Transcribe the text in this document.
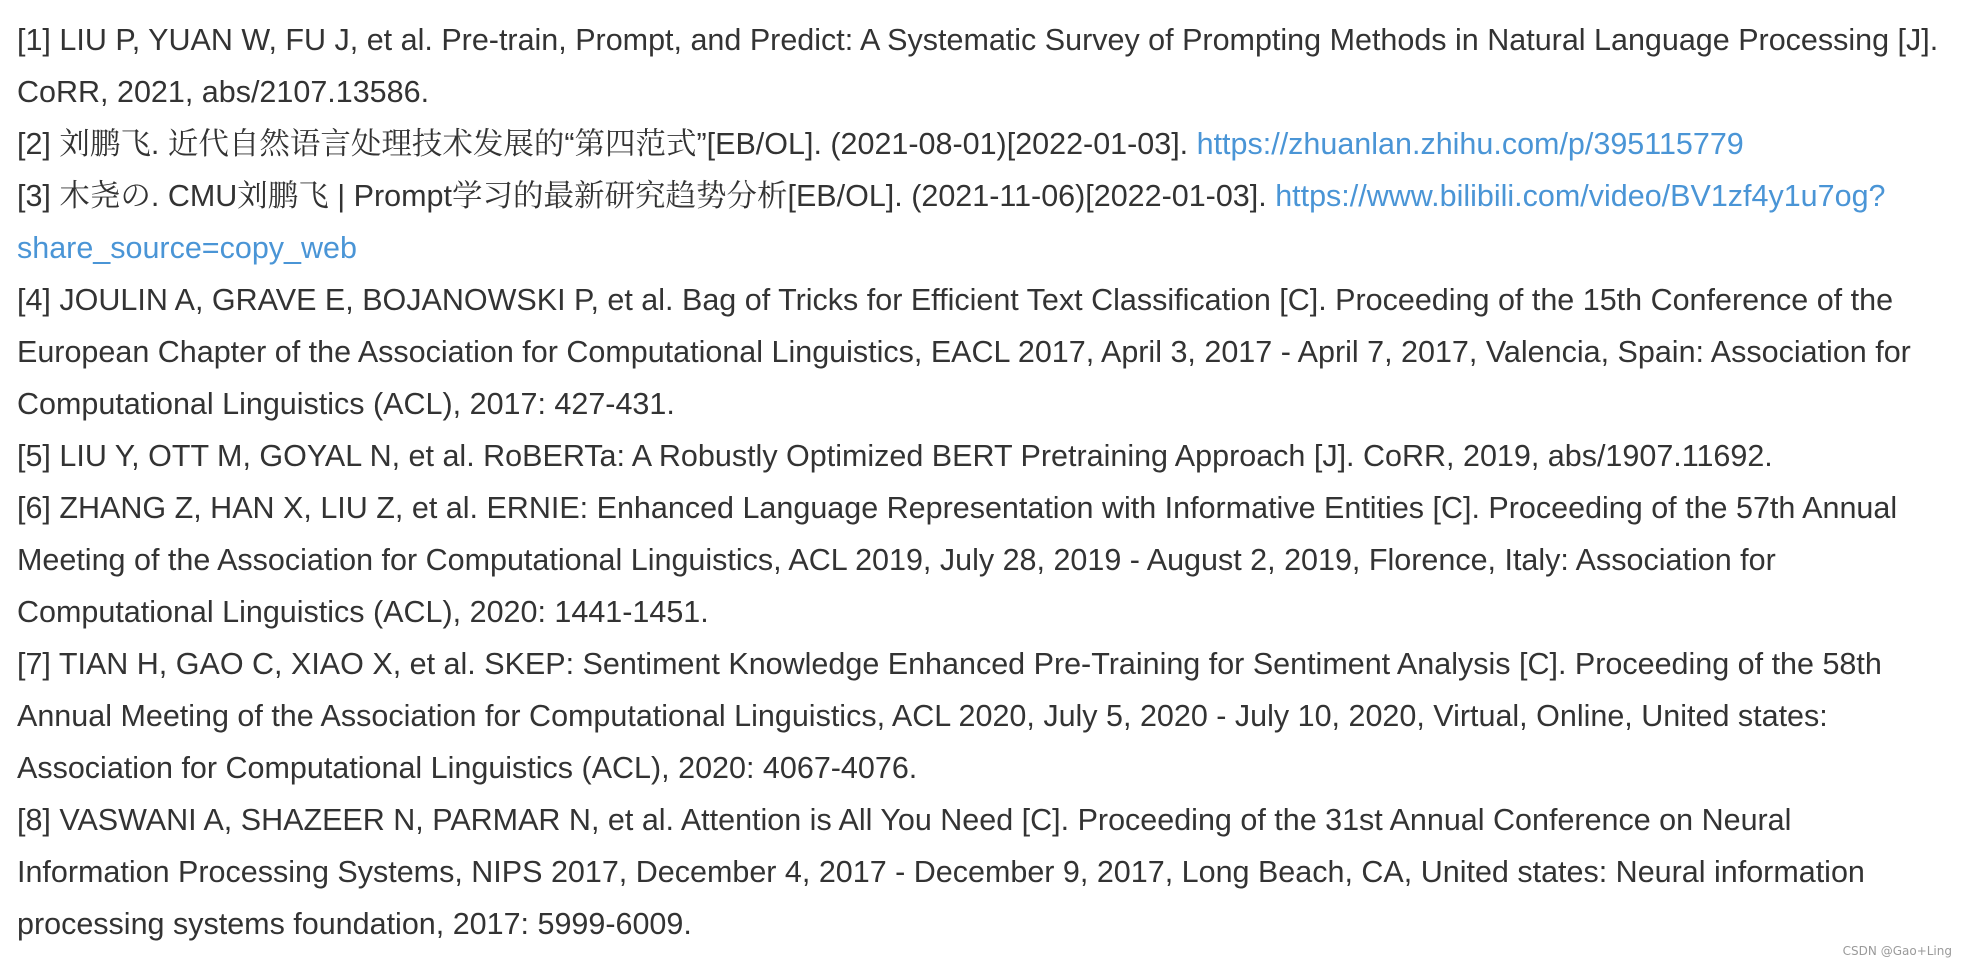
[1] LIU P, YUAN W, FU J, et al. Pre-train, Prompt, and Predict: A Systematic Survey of Prompting Methods in Natural Language Processing [J]. CoRR, 2021, abs/2107.13586.

[2] 刘鹏飞. 近代自然语言处理技术发展的“第四范式”[EB/OL]. (2021-08-01)[2022-01-03]. https://zhuanlan.zhihu.com/p/395115779

[3] 木尧の. CMU刘鹏飞 | Prompt学习的最新研究趋势分析[EB/OL]. (2021-11-06)[2022-01-03]. https://www.bilibili.com/video/BV1zf4y1u7og?share_source=copy_web

[4] JOULIN A, GRAVE E, BOJANOWSKI P, et al. Bag of Tricks for Efficient Text Classification [C]. Proceeding of the 15th Conference of the European Chapter of the Association for Computational Linguistics, EACL 2017, April 3, 2017 - April 7, 2017, Valencia, Spain: Association for Computational Linguistics (ACL), 2017: 427-431.

[5] LIU Y, OTT M, GOYAL N, et al. RoBERTa: A Robustly Optimized BERT Pretraining Approach [J]. CoRR, 2019, abs/1907.11692.

[6] ZHANG Z, HAN X, LIU Z, et al. ERNIE: Enhanced Language Representation with Informative Entities [C]. Proceeding of the 57th Annual Meeting of the Association for Computational Linguistics, ACL 2019, July 28, 2019 - August 2, 2019, Florence, Italy: Association for Computational Linguistics (ACL), 2020: 1441-1451.

[7] TIAN H, GAO C, XIAO X, et al. SKEP: Sentiment Knowledge Enhanced Pre-Training for Sentiment Analysis [C]. Proceeding of the 58th Annual Meeting of the Association for Computational Linguistics, ACL 2020, July 5, 2020 - July 10, 2020, Virtual, Online, United states: Association for Computational Linguistics (ACL), 2020: 4067-4076.

[8] VASWANI A, SHAZEER N, PARMAR N, et al. Attention is All You Need [C]. Proceeding of the 31st Annual Conference on Neural Information Processing Systems, NIPS 2017, December 4, 2017 - December 9, 2017, Long Beach, CA, United states: Neural information processing systems foundation, 2017: 5999-6009.

CSDN @Gao+Ling
